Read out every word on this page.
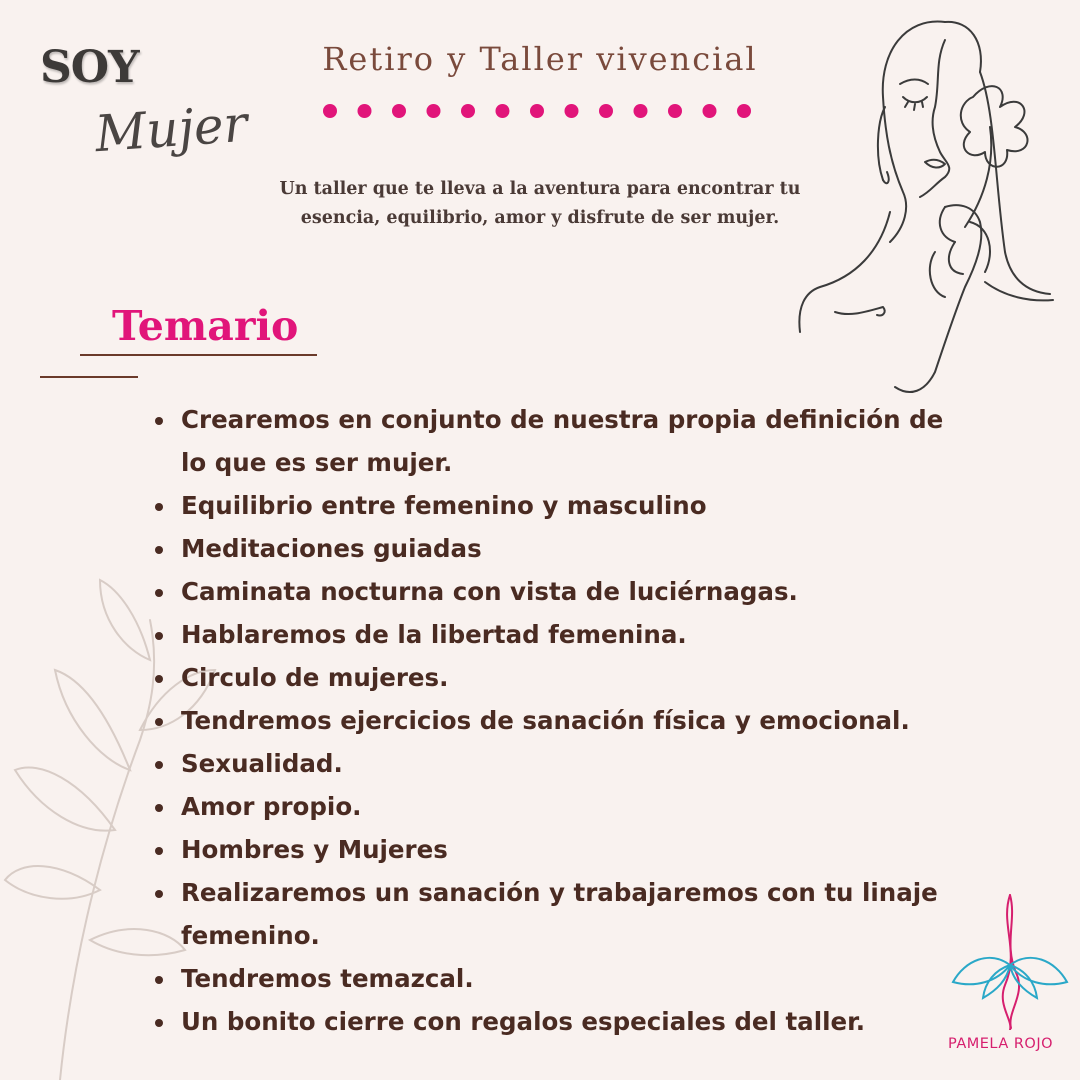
SOY
Mujer
Retiro y Taller vivencial
Un taller que te lleva a la aventura para encontrar tu
esencia, equilibrio, amor y disfrute de ser mujer.
Temario
Crearemos en conjunto de nuestra propia definición de lo que es ser mujer.
Equilibrio entre femenino y masculino
Meditaciones guiadas
Caminata nocturna con vista de luciérnagas.
Hablaremos de la libertad femenina.
Circulo de mujeres.
Tendremos ejercicios de sanación física y emocional.
Sexualidad.
Amor propio.
Hombres y Mujeres
Realizaremos un sanación y trabajaremos con tu linaje femenino.
Tendremos temazcal.
Un bonito cierre con regalos especiales del taller.
PAMELA ROJO
